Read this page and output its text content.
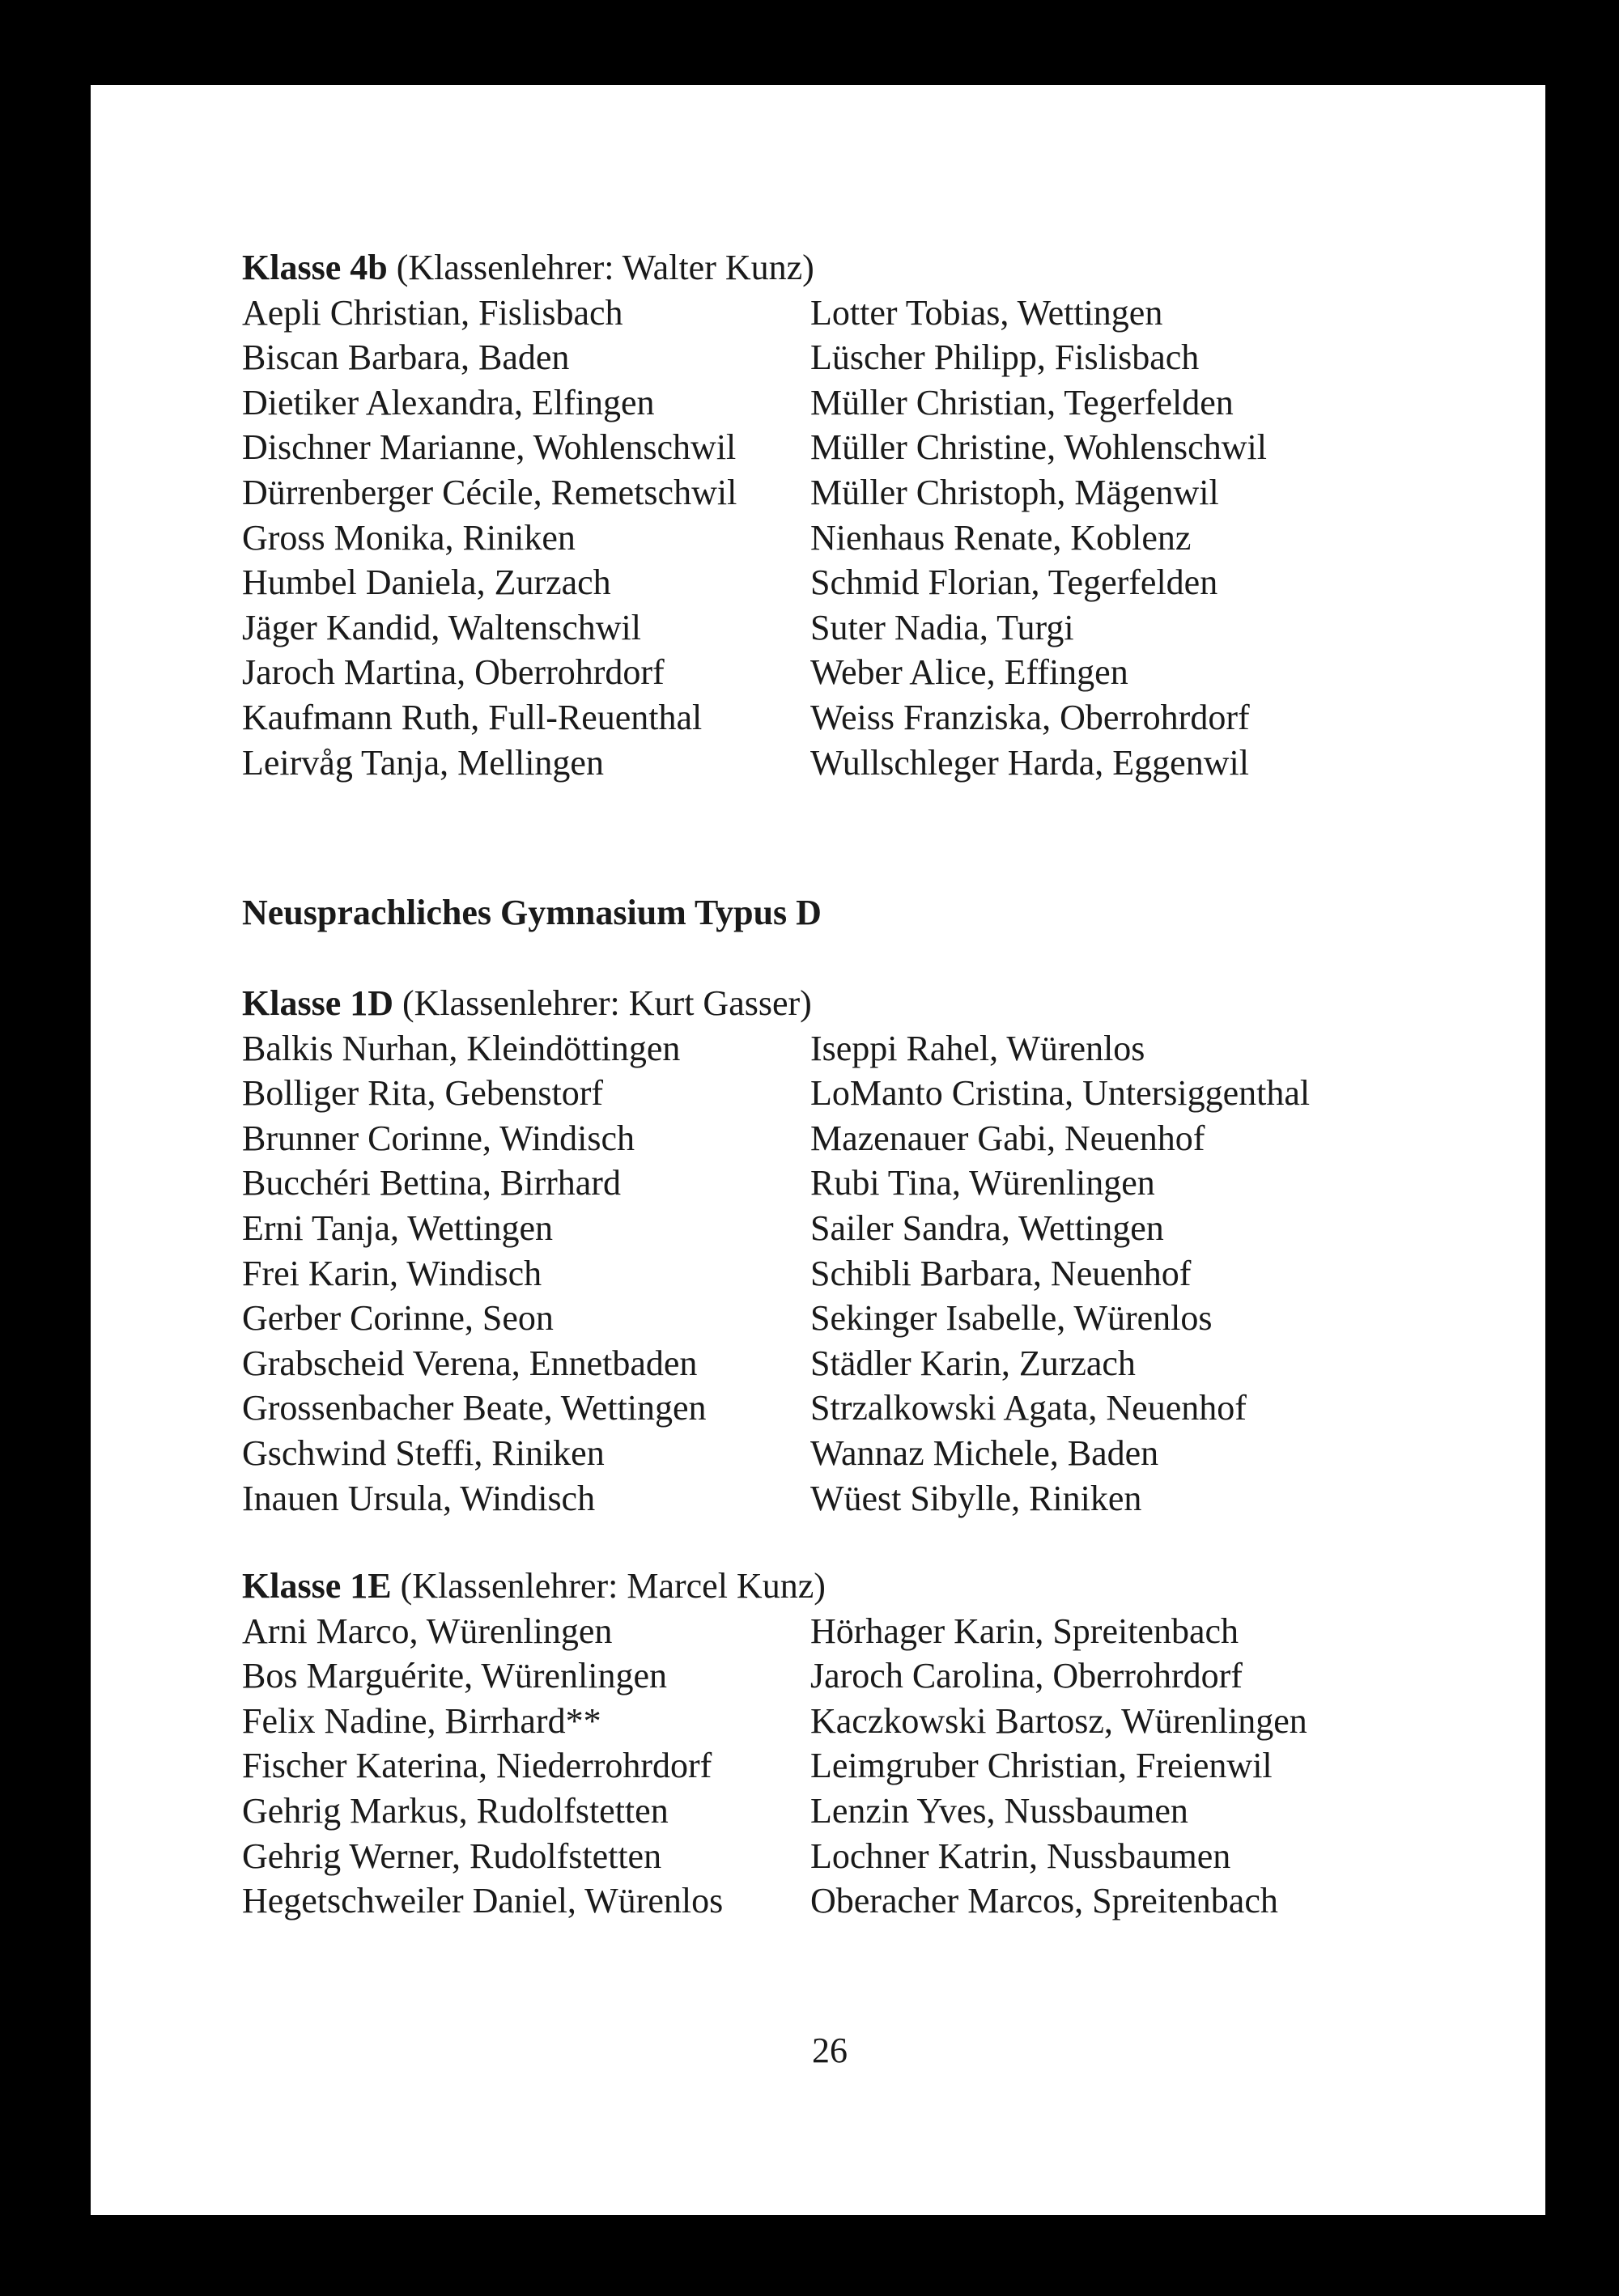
Klasse 4b (Klassenlehrer: Walter Kunz)
Aepli Christian, Fislisbach	Lotter Tobias, Wettingen
Biscan Barbara, Baden	Lüscher Philipp, Fislisbach
Dietiker Alexandra, Elfingen	Müller Christian, Tegerfelden
Dischner Marianne, Wohlenschwil	Müller Christine, Wohlenschwil
Dürrenberger Cécile, Remetschwil	Müller Christoph, Mägenwil
Gross Monika, Riniken	Nienhaus Renate, Koblenz
Humbel Daniela, Zurzach	Schmid Florian, Tegerfelden
Jäger Kandid, Waltenschwil	Suter Nadia, Turgi
Jaroch Martina, Oberrohrdorf	Weber Alice, Effingen
Kaufmann Ruth, Full-Reuenthal	Weiss Franziska, Oberrohrdorf
Leirvåg Tanja, Mellingen	Wullschleger Harda, Eggenwil
Neusprachliches Gymnasium Typus D
Klasse 1D (Klassenlehrer: Kurt Gasser)
Balkis Nurhan, Kleindöttingen	Iseppi Rahel, Würenlos
Bolliger Rita, Gebenstorf	LoManto Cristina, Untersiggenthal
Brunner Corinne, Windisch	Mazenauer Gabi, Neuenhof
Bucchéri Bettina, Birrhard	Rubi Tina, Würenlingen
Erni Tanja, Wettingen	Sailer Sandra, Wettingen
Frei Karin, Windisch	Schibli Barbara, Neuenhof
Gerber Corinne, Seon	Sekinger Isabelle, Würenlos
Grabscheid Verena, Ennetbaden	Städler Karin, Zurzach
Grossenbacher Beate, Wettingen	Strzalkowski Agata, Neuenhof
Gschwind Steffi, Riniken	Wannaz Michele, Baden
Inauen Ursula, Windisch	Wüest Sibylle, Riniken
Klasse 1E (Klassenlehrer: Marcel Kunz)
Arni Marco, Würenlingen	Hörhager Karin, Spreitenbach
Bos Marguérite, Würenlingen	Jaroch Carolina, Oberrohrdorf
Felix Nadine, Birrhard**	Kaczkowski Bartosz, Würenlingen
Fischer Katerina, Niederrohrdorf	Leimgruber Christian, Freienwil
Gehrig Markus, Rudolfstetten	Lenzin Yves, Nussbaumen
Gehrig Werner, Rudolfstetten	Lochner Katrin, Nussbaumen
Hegetschweiler Daniel, Würenlos	Oberacher Marcos, Spreitenbach
26
